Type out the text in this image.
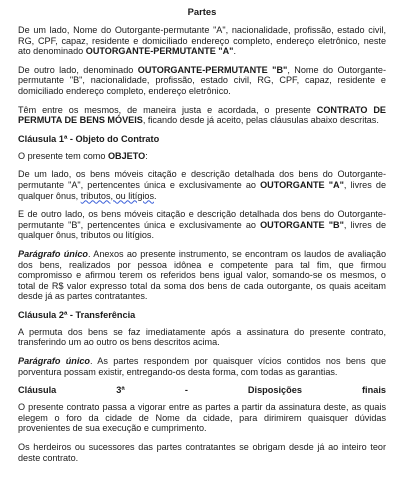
Partes

De um lado, Nome do Outorgante-permutante "A", nacionalidade, profissão, estado civil, RG, CPF, capaz, residente e domiciliado endereço completo, endereço eletrônico, neste ato denominado OUTORGANTE-PERMUTANTE "A".

De outro lado, denominado OUTORGANTE-PERMUTANTE "B", Nome do Outorgante-permutante "B", nacionalidade, profissão, estado civil, RG, CPF, capaz, residente e domiciliado endereço completo, endereço eletrônico.

Têm entre os mesmos, de maneira justa e acordada, o presente CONTRATO DE PERMUTA DE BENS MÓVEIS, ficando desde já aceito, pelas cláusulas abaixo descritas.

Cláusula 1ª - Objeto do Contrato

O presente tem como OBJETO:

De um lado, os bens móveis citação e descrição detalhada dos bens do Outorgante-permutante "A", pertencentes única e exclusivamente ao OUTORGANTE "A", livres de qualquer ônus, tributos, ou litígios.

E de outro lado, os bens móveis citação e descrição detalhada dos bens do Outorgante-permutante "B", pertencentes única e exclusivamente ao OUTORGANTE "B", livres de qualquer ônus, tributos ou litígios.

Parágrafo único. Anexos ao presente instrumento, se encontram os laudos de avaliação dos bens, realizados por pessoa idônea e competente para tal fim, que firmou compromisso e afirmou terem os referidos bens igual valor, somando-se os mesmos, o total de R$ valor expresso total da soma dos bens de cada outorgante, os quais aceitam desde já as partes contratantes.

Cláusula 2ª - Transferência

A permuta dos bens se faz imediatamente após a assinatura do presente contrato, transferindo um ao outro os bens descritos acima.

Parágrafo único. As partes respondem por quaisquer vícios contidos nos bens que porventura possam existir, entregando-os desta forma, com todas as garantias.

Cláusula	3ª	-	Disposições	finais

O presente contrato passa a vigorar entre as partes a partir da assinatura deste, as quais elegem o foro da cidade de Nome da cidade, para dirimirem quaisquer dúvidas provenientes de sua execução e cumprimento.

Os herdeiros ou sucessores das partes contratantes se obrigam desde já ao inteiro teor deste contrato.
